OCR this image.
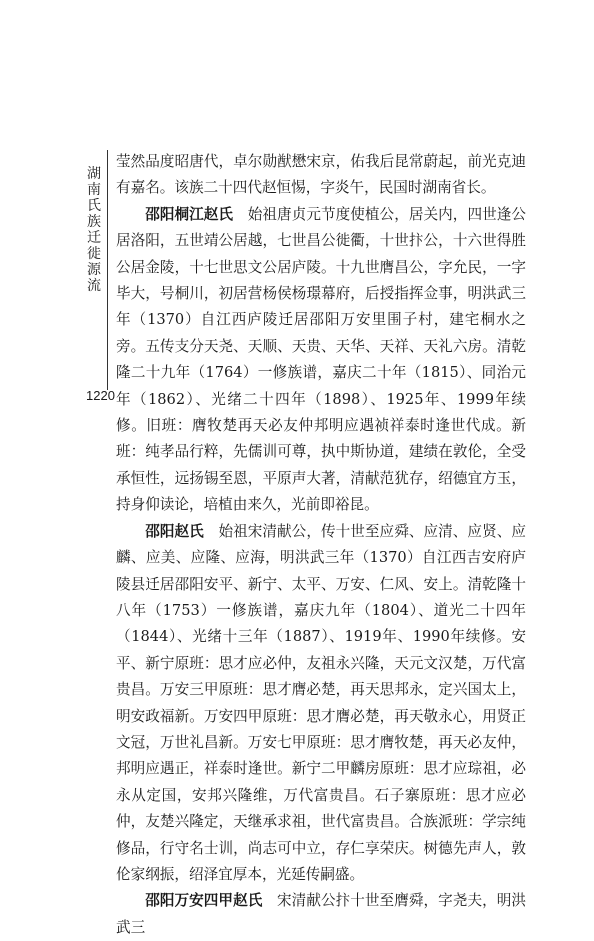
湖南氏族迁徙源流
1220

莹然品度昭唐代，卓尔勋猷懋宋京，佑我后昆常蔚起，前光克迪有嘉名。该族二十四代赵恒惕，字炎午，民国时湖南省长。

邵阳桐江赵氏　 始祖唐贞元节度使植公，居关内，四世逢公居洛阳，五世靖公居越，七世昌公徙衢，十世抃公，十六世得胜公居金陵，十七世思文公居庐陵。十九世膺昌公，字允民，一字毕大，号桐川，初居营杨侯杨璟幕府，后授指挥佥事，明洪武三年（1370）自江西庐陵迁居邵阳万安里围子村，建宅桐水之旁。五传支分天尧、天顺、天贵、天华、天祥、天礼六房。清乾隆二十九年（1764）一修族谱，嘉庆二十年（1815）、同治元年（1862）、光绪二十四年（1898）、1925年、1999年续修。旧班：膺牧楚再天必友仲邦明应遇祯祥泰时逢世代成。新班：纯孝品行粹，先儒训可尊，执中斯协道，建绩在敦伦，全受承恒性，远扬锡至恩，平原声大著，清献范犹存，绍德宜方玉，持身仰读论，培植由来久，光前即裕昆。

邵阳赵氏　 始祖宋清献公，传十世至应舜、应清、应贤、应麟、应美、应隆、应海，明洪武三年（1370）自江西吉安府庐陵县迁居邵阳安平、新宁、太平、万安、仁风、安上。清乾隆十八年（1753）一修族谱，嘉庆九年（1804）、道光二十四年（1844）、光绪十三年（1887）、1919年、1990年续修。安平、新宁原班：思才应必仲，友祖永兴隆，天元文汉楚，万代富贵昌。万安三甲原班：思才膺必楚，再天思邦永，定兴国太上，明安政福新。万安四甲原班：思才膺必楚，再天敬永心，用贤正文冠，万世礼昌新。万安七甲原班：思才膺牧楚，再天必友仲，邦明应遇正，祥泰时逢世。新宁二甲麟房原班：思才应琮祖，必永从定国，安邦兴隆维，万代富贵昌。石子寨原班：思才应必仲，友楚兴隆定，天继承求祖，世代富贵昌。合族派班：学宗纯修品，行守名士训，尚志可中立，存仁享荣庆。树德先声人，敦伦家纲振，绍泽宜厚本，光延传嗣盛。

邵阳万安四甲赵氏　 宋清献公抃十世至膺舜，字尧夫，明洪武三
